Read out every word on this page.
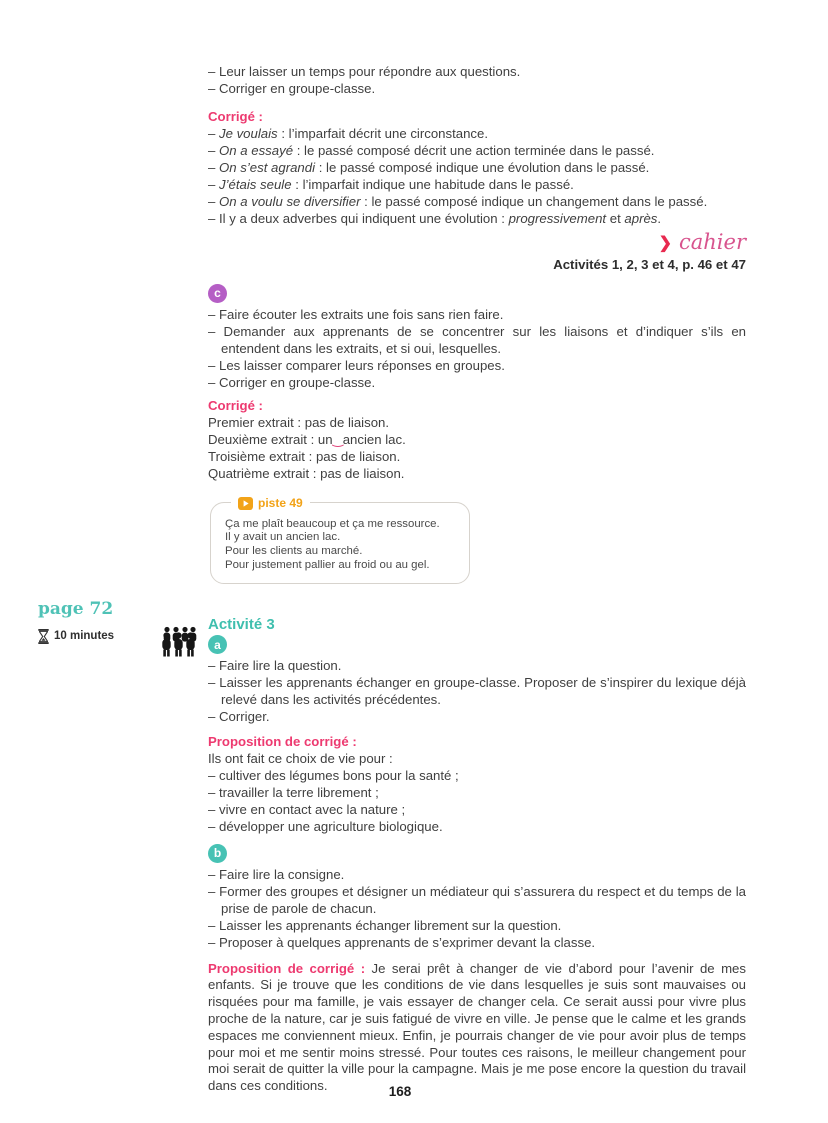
– Leur laisser un temps pour répondre aux questions.

– Corriger en groupe-classe.

Corrigé :

– Je voulais : l’imparfait décrit une circonstance.

– On a essayé : le passé composé décrit une action terminée dans le passé.

– On s’est agrandi : le passé composé indique une évolution dans le passé.

– J’étais seule : l’imparfait indique une habitude dans le passé.

– On a voulu se diversifier : le passé composé indique un changement dans le passé.

– Il y a deux adverbes qui indiquent une évolution : progressivement et après.

❯ cahier
Activités 1, 2, 3 et 4, p. 46 et 47
c

– Faire écouter les extraits une fois sans rien faire.

– Demander aux apprenants de se concentrer sur les liaisons et d’indiquer s’ils en entendent dans les extraits, et si oui, lesquelles.

– Les laisser comparer leurs réponses en groupes.

– Corriger en groupe-classe.

Corrigé :

Premier extrait : pas de liaison.

Deuxième extrait : un‿ancien lac.

Troisième extrait : pas de liaison.

Quatrième extrait : pas de liaison.

piste 49

Ça me plaît beaucoup et ça me ressource.

Il y avait un ancien lac.

Pour les clients au marché.

Pour justement pallier au froid ou au gel.

Activité 3

a

– Faire lire la question.

– Laisser les apprenants échanger en groupe-classe. Proposer de s’inspirer du lexique déjà relevé dans les activités précédentes.

– Corriger.

Proposition de corrigé :

Ils ont fait ce choix de vie pour :

– cultiver des légumes bons pour la santé ;

– travailler la terre librement ;

– vivre en contact avec la nature ;

– développer une agriculture biologique.

b

– Faire lire la consigne.

– Former des groupes et désigner un médiateur qui s’assurera du respect et du temps de la prise de parole de chacun.

– Laisser les apprenants échanger librement sur la question.

– Proposer à quelques apprenants de s’exprimer devant la classe.

Proposition de corrigé : Je serai prêt à changer de vie d’abord pour l’avenir de mes enfants. Si je trouve que les conditions de vie dans lesquelles je suis sont mauvaises ou risquées pour ma famille, je vais essayer de changer cela. Ce serait aussi pour vivre plus proche de la nature, car je suis fatigué de vivre en ville. Je pense que le calme et les grands espaces me conviennent mieux. Enfin, je pourrais changer de vie pour avoir plus de temps pour moi et me sentir moins stressé. Pour toutes ces raisons, le meilleur changement pour moi serait de quitter la ville pour la campagne. Mais je me pose encore la question du travail dans ces conditions.

page 72
10 minutes
168
